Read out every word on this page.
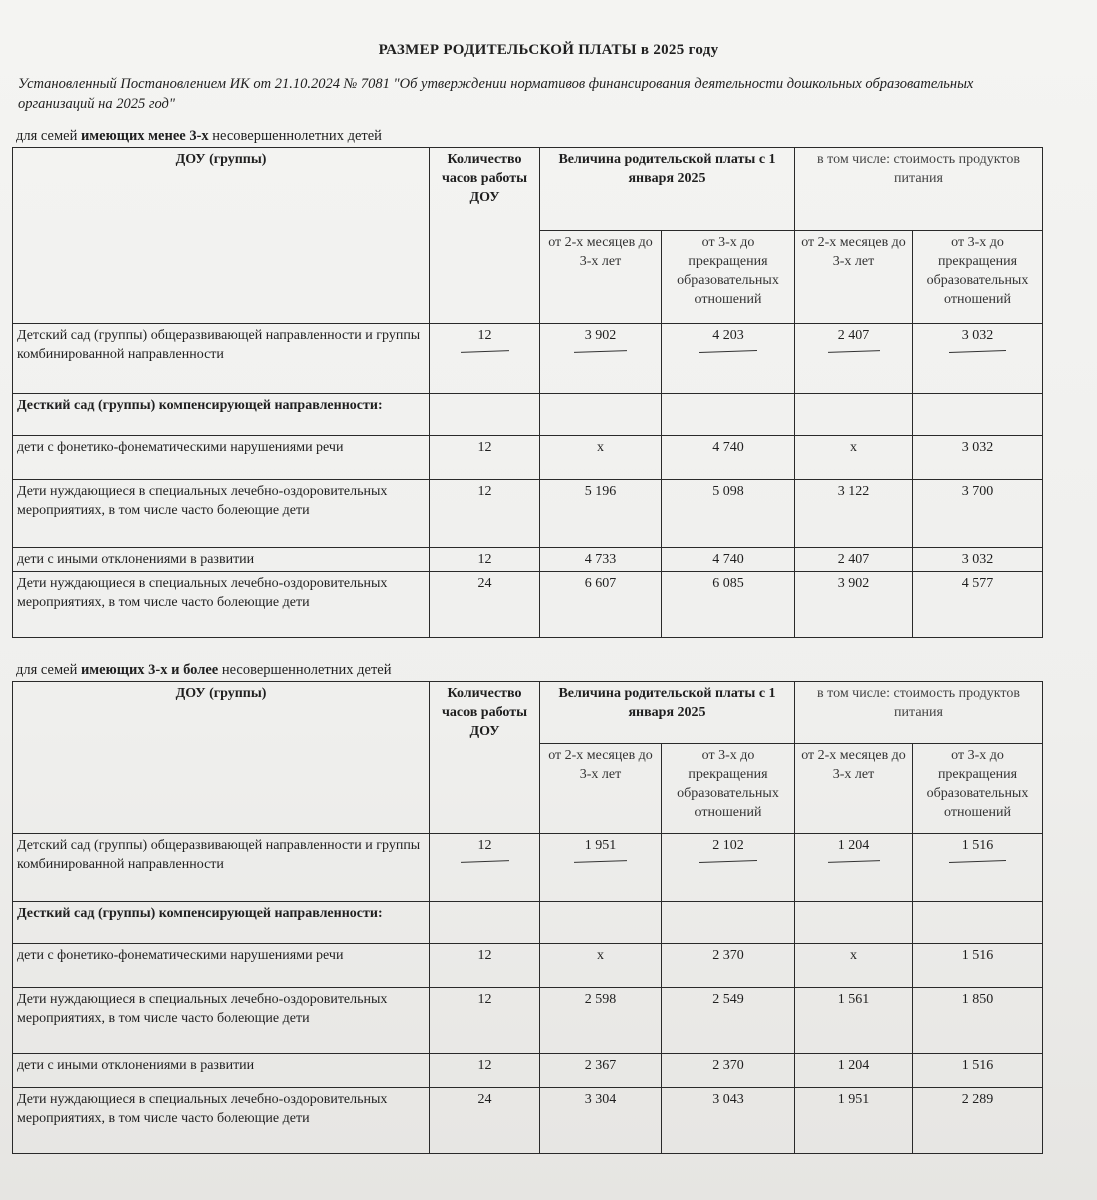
РАЗМЕР РОДИТЕЛЬСКОЙ ПЛАТЫ в 2025 году
Установленный Постановлением ИК от 21.10.2024 № 7081 "Об утверждении нормативов финансирования деятельности дошкольных образовательных организаций на 2025 год"
для семей имеющих менее 3-х несовершеннолетних детей
ДОУ (группы)	Количество часов работы ДОУ	Величина родительской платы с 1 января 2025		в том числе: стоимость продуктов питания	
		от 2-х месяцев до 3-х лет	от 3-х до прекращения образовательных отношений	от 2-х месяцев до 3-х лет	от 3-х до прекращения образовательных отношений
Детский сад (группы) общеразвивающей направленности и группы комбинированной направленности	12	3 902	4 203	2 407	3 032
Десткий сад (группы) компенсирующей направленности:					
дети с фонетико-фонематическими нарушениями речи	12	х	4 740	х	3 032
Дети нуждающиеся в специальных лечебно-оздоровительных мероприятиях, в том числе часто болеющие дети	12	5 196	5 098	3 122	3 700
дети с иными отклонениями в развитии	12	4 733	4 740	2 407	3 032
Дети нуждающиеся в специальных лечебно-оздоровительных мероприятиях, в том числе часто болеющие дети	24	6 607	6 085	3 902	4 577
для семей имеющих 3-х и более несовершеннолетних детей
ДОУ (группы)	Количество часов работы ДОУ	Величина родительской платы с 1 января 2025		в том числе: стоимость продуктов питания	
		от 2-х месяцев до 3-х лет	от 3-х до прекращения образовательных отношений	от 2-х месяцев до 3-х лет	от 3-х до прекращения образовательных отношений
Детский сад (группы) общеразвивающей направленности и группы комбинированной направленности	12	1 951	2 102	1 204	1 516
Десткий сад (группы) компенсирующей направленности:					
дети с фонетико-фонематическими нарушениями речи	12	х	2 370	х	1 516
Дети нуждающиеся в специальных лечебно-оздоровительных мероприятиях, в том числе часто болеющие дети	12	2 598	2 549	1 561	1 850
дети с иными отклонениями в развитии	12	2 367	2 370	1 204	1 516
Дети нуждающиеся в специальных лечебно-оздоровительных мероприятиях, в том числе часто болеющие дети	24	3 304	3 043	1 951	2 289
